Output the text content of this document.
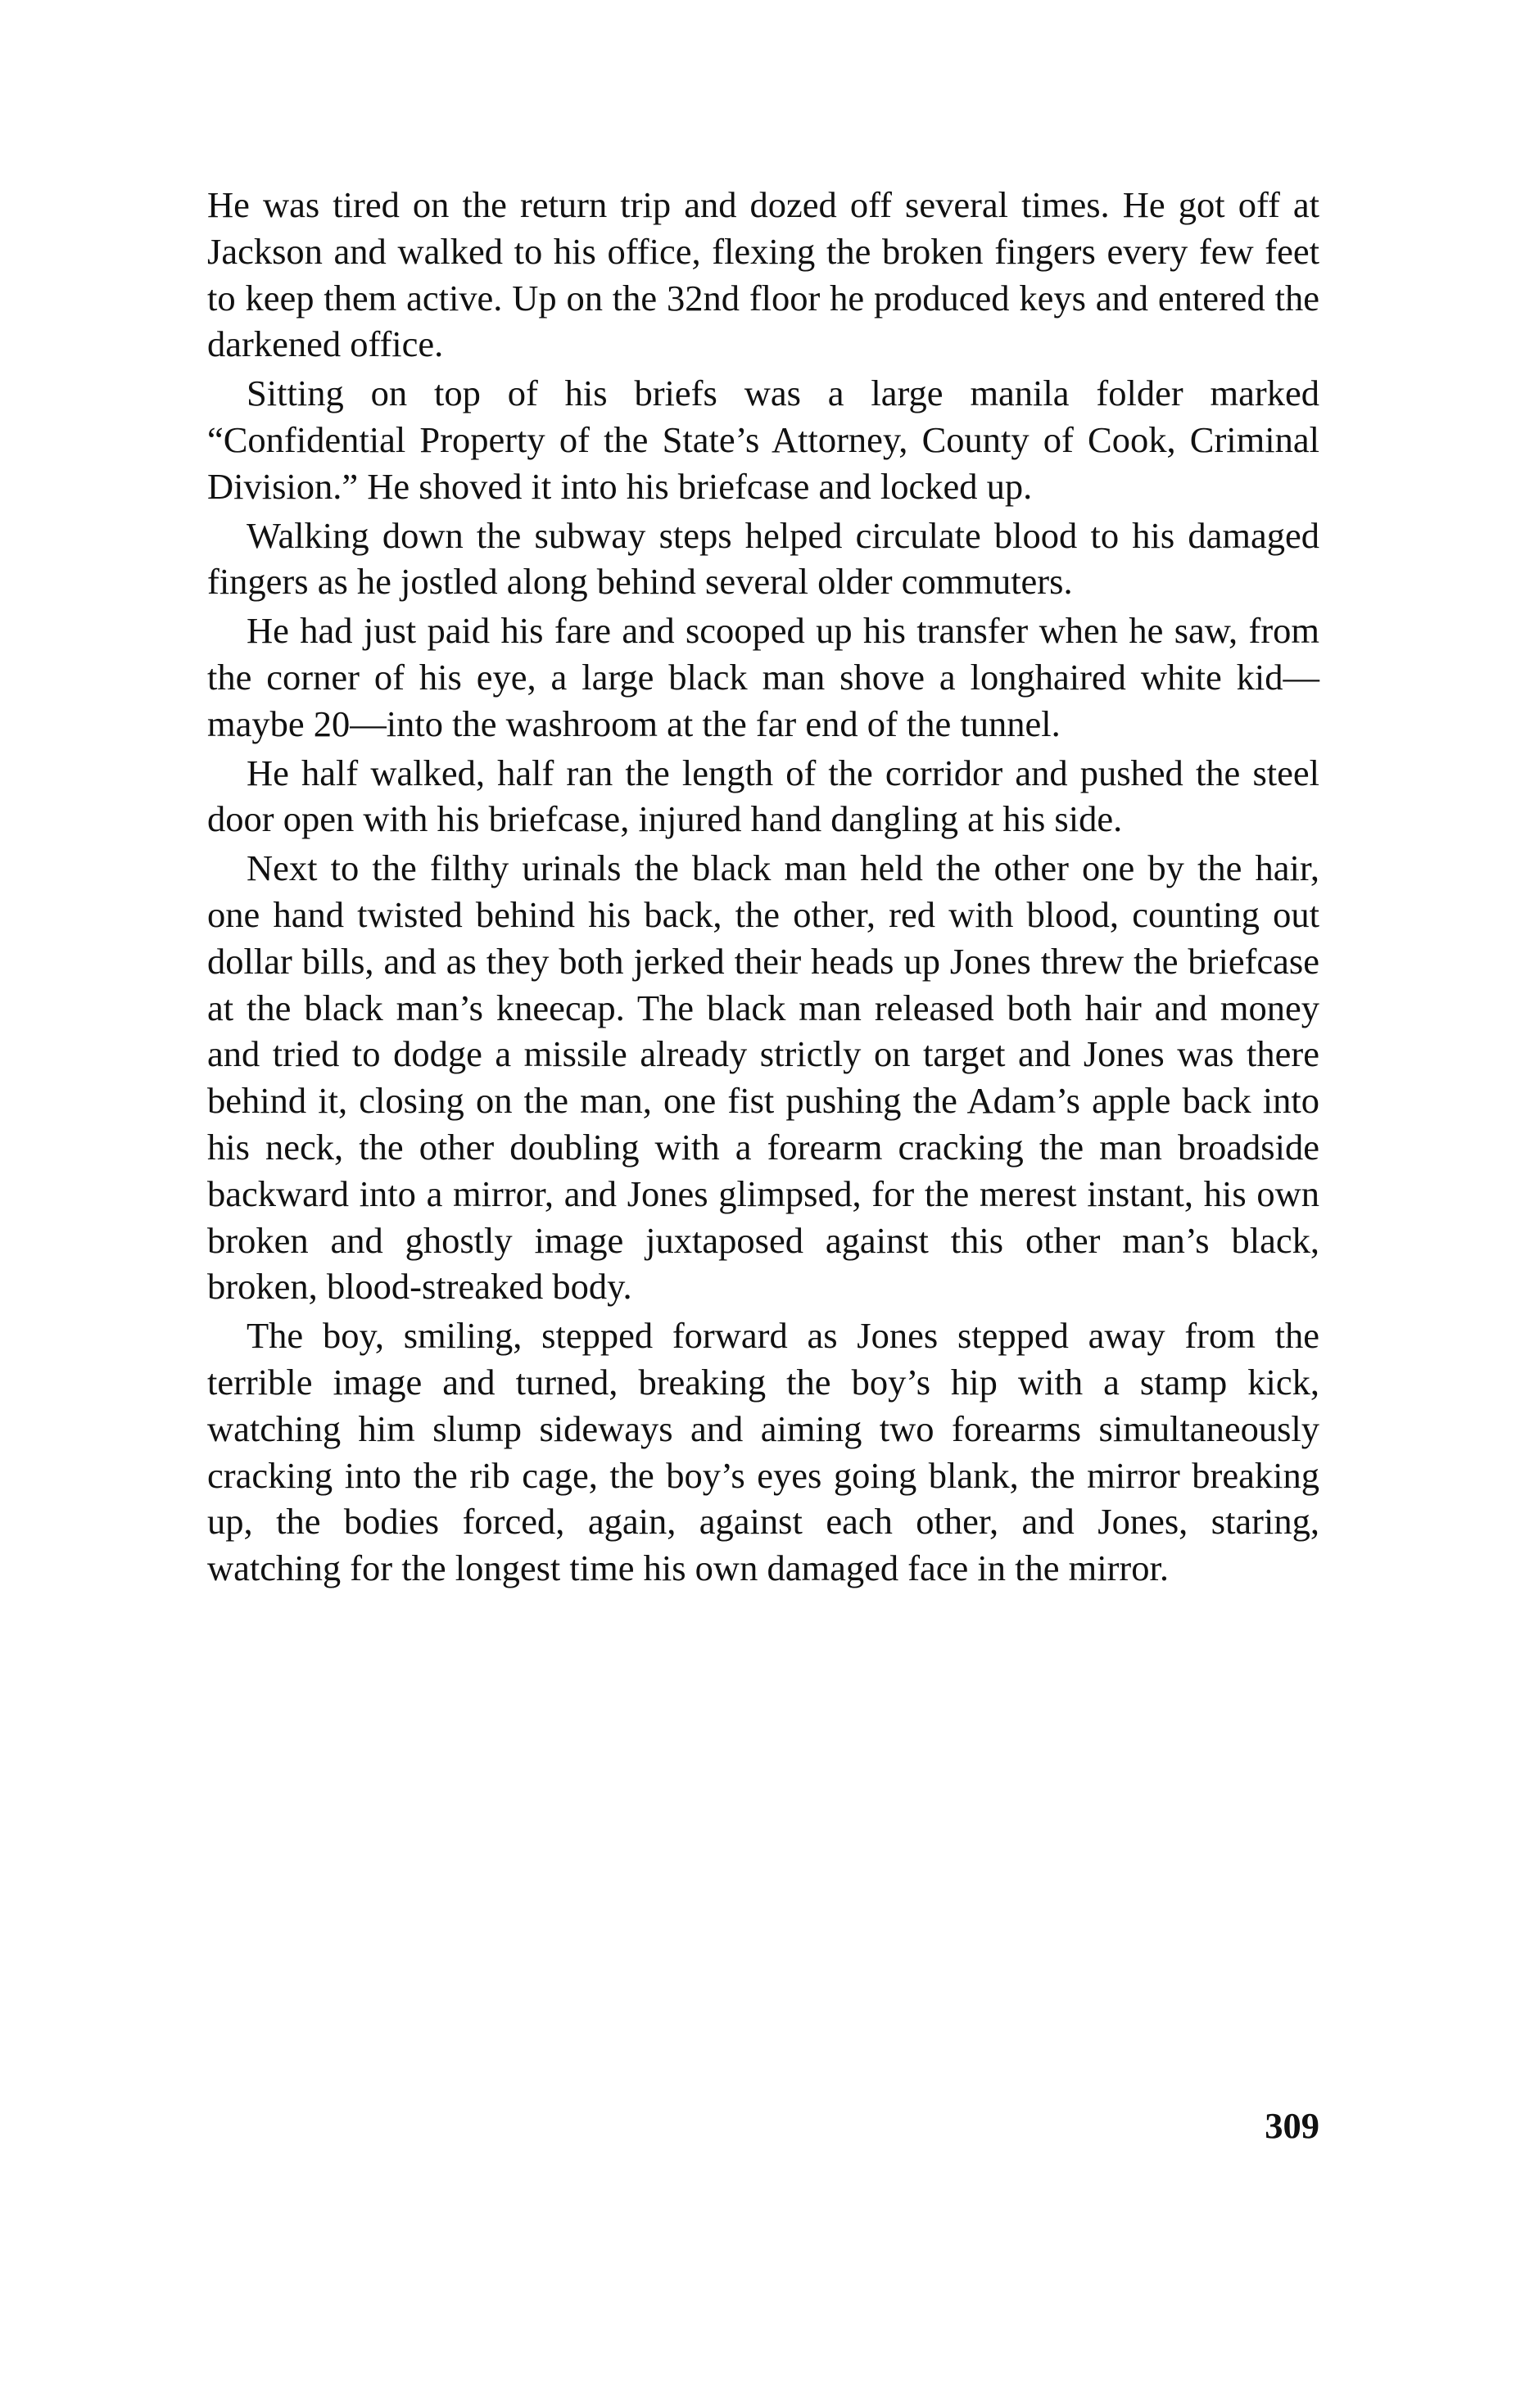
He was tired on the return trip and dozed off several times. He got off at Jackson and walked to his office, flexing the broken fingers every few feet to keep them active. Up on the 32nd floor he produced keys and entered the darkened office.

Sitting on top of his briefs was a large manila folder marked “Confidential Property of the State’s Attorney, County of Cook, Criminal Division.” He shoved it into his briefcase and locked up.

Walking down the subway steps helped circulate blood to his damaged fingers as he jostled along behind several older commuters.

He had just paid his fare and scooped up his transfer when he saw, from the corner of his eye, a large black man shove a longhaired white kid—maybe 20—into the washroom at the far end of the tunnel.

He half walked, half ran the length of the corridor and pushed the steel door open with his briefcase, injured hand dangling at his side.

Next to the filthy urinals the black man held the other one by the hair, one hand twisted behind his back, the other, red with blood, counting out dollar bills, and as they both jerked their heads up Jones threw the briefcase at the black man’s kneecap. The black man released both hair and money and tried to dodge a missile already strictly on target and Jones was there behind it, closing on the man, one fist pushing the Adam’s apple back into his neck, the other doubling with a forearm cracking the man broadside backward into a mirror, and Jones glimpsed, for the merest instant, his own broken and ghostly image juxtaposed against this other man’s black, broken, blood-streaked body.

The boy, smiling, stepped forward as Jones stepped away from the terrible image and turned, breaking the boy’s hip with a stamp kick, watching him slump sideways and aiming two forearms simultaneously cracking into the rib cage, the boy’s eyes going blank, the mirror breaking up, the bodies forced, again, against each other, and Jones, staring, watching for the longest time his own damaged face in the mirror.

309
